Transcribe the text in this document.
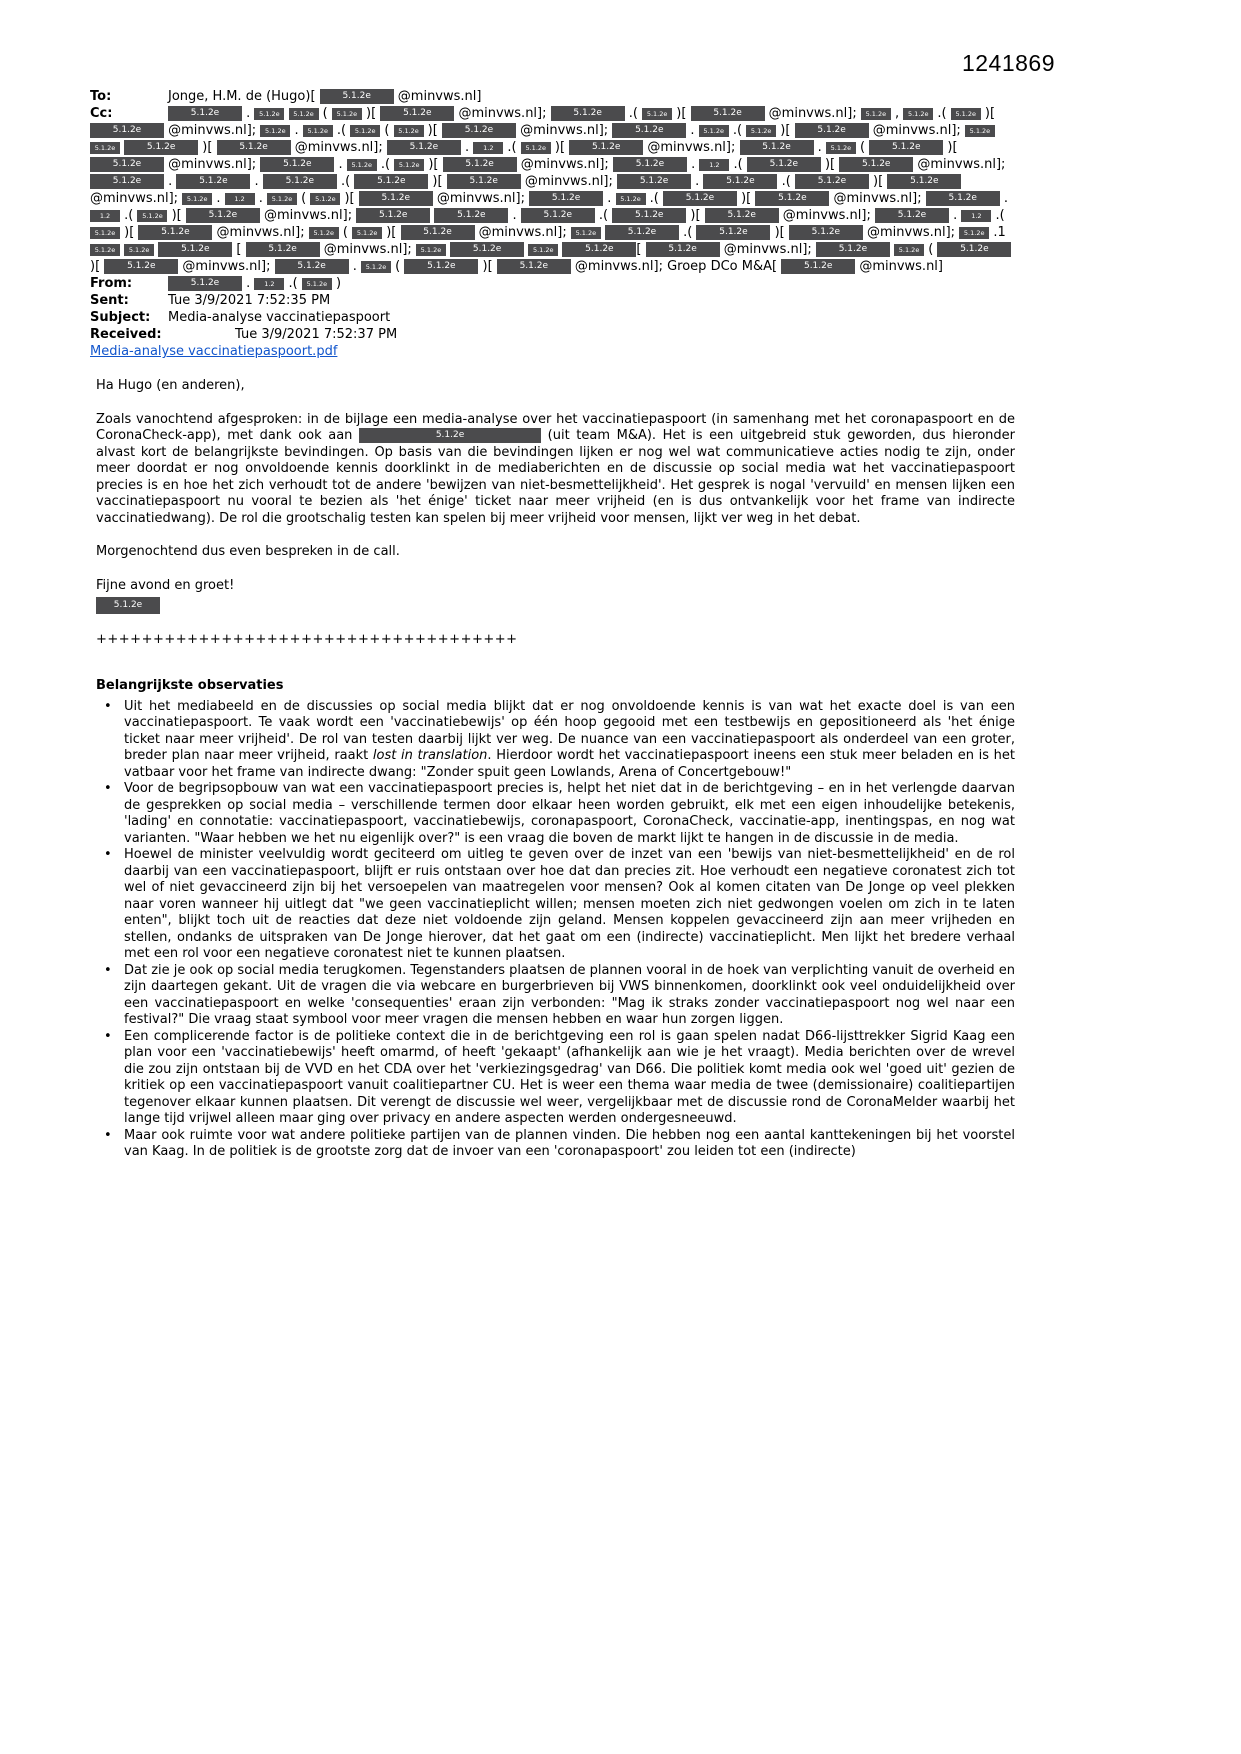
1241869
To:	Jonge, H.M. de (Hugo)[	5.1.2e @minvws.nl]
Cc:	5.1.2e . 5.1.2e 5.1.2e ( 5.1.2e )[	5.1.2e @minvws.nl];	5.1.2e .( 5.1.2e )[	5.1.2e @minvws.nl]; 5.1.2e , 5.1.2e .( 5.1.2e )[ 5.1.2e @minvws.nl]; 5.1.2e . 5.1.2e .( 5.1.2e ( 5.1.2e )[	5.1.2e @minvws.nl];	5.1.2e . 5.1.2e .( 5.1.2e )[	5.1.2e @minvws.nl]; 5.1.2e 5.1.2e	5.1.2e )[	5.1.2e @minvws.nl];	5.1.2e . 1.2 .( 5.1.2e )[	5.1.2e @minvws.nl];	5.1.2e . 5.1.2e (	5.1.2e )[ 5.1.2e @minvws.nl];	5.1.2e . 5.1.2e .( 5.1.2e )[	5.1.2e @minvws.nl];	5.1.2e . 1.2 .(	5.1.2e )[	5.1.2e @minvws.nl]; 5.1.2e .	5.1.2e .	5.1.2e .(	5.1.2e )[	5.1.2e @minvws.nl];	5.1.2e .	5.1.2e .(	5.1.2e )[	5.1.2e @minvws.nl]; 5.1.2e . 1.2 . 5.1.2e ( 5.1.2e )[	5.1.2e @minvws.nl];	5.1.2e . 5.1.2e .(	5.1.2e )[	5.1.2e @minvws.nl];	5.1.2e . 1.2 .( 5.1.2e )[	5.1.2e @minvws.nl];	5.1.2e	5.1.2e .	5.1.2e .(	5.1.2e )[	5.1.2e @minvws.nl];	5.1.2e . 1.2 .( 5.1.2e )[	5.1.2e @minvws.nl]; 5.1.2e ( 5.1.2e )[	5.1.2e @minvws.nl]; 5.1.2e	5.1.2e .(	5.1.2e )[	5.1.2e @minvws.nl]; 5.1.2e .1 5.1.2e 5.1.2e	5.1.2e [	5.1.2e @minvws.nl]; 5.1.2e	5.1.2e	5.1.2e	5.1.2e [	5.1.2e @minvws.nl];	5.1.2e	5.1.2e (	5.1.2e )[	5.1.2e @minvws.nl];	5.1.2e . 5.1.2e (	5.1.2e )[	5.1.2e @minvws.nl]; Groep DCo M&A[	5.1.2e @minvws.nl]
From:	5.1.2e . 1.2 .( 5.1.2e )
Sent:	Tue 3/9/2021 7:52:35 PM
Subject: Media-analyse vaccinatiepaspoort
Received:	Tue 3/9/2021 7:52:37 PM
Media-analyse vaccinatiepaspoort.pdf

Ha Hugo (en anderen),

Zoals vanochtend afgesproken: in de bijlage een media-analyse over het vaccinatiepaspoort (in samenhang met het coronapaspoort en de CoronaCheck-app), met dank ook aan	5.1.2e	(uit team M&A). Het is een uitgebreid stuk geworden, dus hieronder alvast kort de belangrijkste bevindingen. Op basis van die bevindingen lijken er nog wel wat communicatieve acties nodig te zijn, onder meer doordat er nog onvoldoende kennis doorklinkt in de mediaberichten en de discussie op social media wat het vaccinatiepaspoort precies is en hoe het zich verhoudt tot de andere 'bewijzen van niet-besmettelijkheid'. Het gesprek is nogal 'vervuild' en mensen lijken een vaccinatiepaspoort nu vooral te bezien als 'het énige' ticket naar meer vrijheid (en is dus ontvankelijk voor het frame van indirecte vaccinatiedwang). De rol die grootschalig testen kan spelen bij meer vrijheid voor mensen, lijkt ver weg in het debat.

Morgenochtend dus even bespreken in de call.

Fijne avond en groet!

5.1.2e

+++++++++++++++++++++++++++++++++++++

Belangrijkste observaties

• Uit het mediabeeld en de discussies op social media blijkt dat er nog onvoldoende kennis is van wat het exacte doel is van een vaccinatiepaspoort. Te vaak wordt een 'vaccinatiebewijs' op één hoop gegooid met een testbewijs en gepositioneerd als 'het énige ticket naar meer vrijheid'. De rol van testen daarbij lijkt ver weg. De nuance van een vaccinatiepaspoort als onderdeel van een groter, breder plan naar meer vrijheid, raakt lost in translation. Hierdoor wordt het vaccinatiepaspoort ineens een stuk meer beladen en is het vatbaar voor het frame van indirecte dwang: "Zonder spuit geen Lowlands, Arena of Concertgebouw!"
• Voor de begripsopbouw van wat een vaccinatiepaspoort precies is, helpt het niet dat in de berichtgeving – en in het verlengde daarvan de gesprekken op social media – verschillende termen door elkaar heen worden gebruikt, elk met een eigen inhoudelijke betekenis, 'lading' en connotatie: vaccinatiepaspoort, vaccinatiebewijs, coronapaspoort, CoronaCheck, vaccinatie-app, inentingspas, en nog wat varianten. "Waar hebben we het nu eigenlijk over?" is een vraag die boven de markt lijkt te hangen in de discussie in de media.
• Hoewel de minister veelvuldig wordt geciteerd om uitleg te geven over de inzet van een 'bewijs van niet-besmettelijkheid' en de rol daarbij van een vaccinatiepaspoort, blijft er ruis ontstaan over hoe dat dan precies zit. Hoe verhoudt een negatieve coronatest zich tot wel of niet gevaccineerd zijn bij het versoepelen van maatregelen voor mensen? Ook al komen citaten van De Jonge op veel plekken naar voren wanneer hij uitlegt dat "we geen vaccinatieplicht willen; mensen moeten zich niet gedwongen voelen om zich in te laten enten", blijkt toch uit de reacties dat deze niet voldoende zijn geland. Mensen koppelen gevaccineerd zijn aan meer vrijheden en stellen, ondanks de uitspraken van De Jonge hierover, dat het gaat om een (indirecte) vaccinatieplicht. Men lijkt het bredere verhaal met een rol voor een negatieve coronatest niet te kunnen plaatsen.
• Dat zie je ook op social media terugkomen. Tegenstanders plaatsen de plannen vooral in de hoek van verplichting vanuit de overheid en zijn daartegen gekant. Uit de vragen die via webcare en burgerbrieven bij VWS binnenkomen, doorklinkt ook veel onduidelijkheid over een vaccinatiepaspoort en welke 'consequenties' eraan zijn verbonden: "Mag ik straks zonder vaccinatiepaspoort nog wel naar een festival?" Die vraag staat symbool voor meer vragen die mensen hebben en waar hun zorgen liggen.
• Een complicerende factor is de politieke context die in de berichtgeving een rol is gaan spelen nadat D66-lijsttrekker Sigrid Kaag een plan voor een 'vaccinatiebewijs' heeft omarmd, of heeft 'gekaapt' (afhankelijk aan wie je het vraagt). Media berichten over de wrevel die zou zijn ontstaan bij de VVD en het CDA over het 'verkiezingsgedrag' van D66. Die politiek komt media ook wel 'goed uit' gezien de kritiek op een vaccinatiepaspoort vanuit coalitiepartner CU. Het is weer een thema waar media de twee (demissionaire) coalitiepartijen tegenover elkaar kunnen plaatsen. Dit verengt de discussie wel weer, vergelijkbaar met de discussie rond de CoronaMelder waarbij het lange tijd vrijwel alleen maar ging over privacy en andere aspecten werden ondergesneeuwd.
• Maar ook ruimte voor wat andere politieke partijen van de plannen vinden. Die hebben nog een aantal kanttekeningen bij het voorstel van Kaag. In de politiek is de grootste zorg dat de invoer van een 'coronapaspoort' zou leiden tot een (indirecte)
